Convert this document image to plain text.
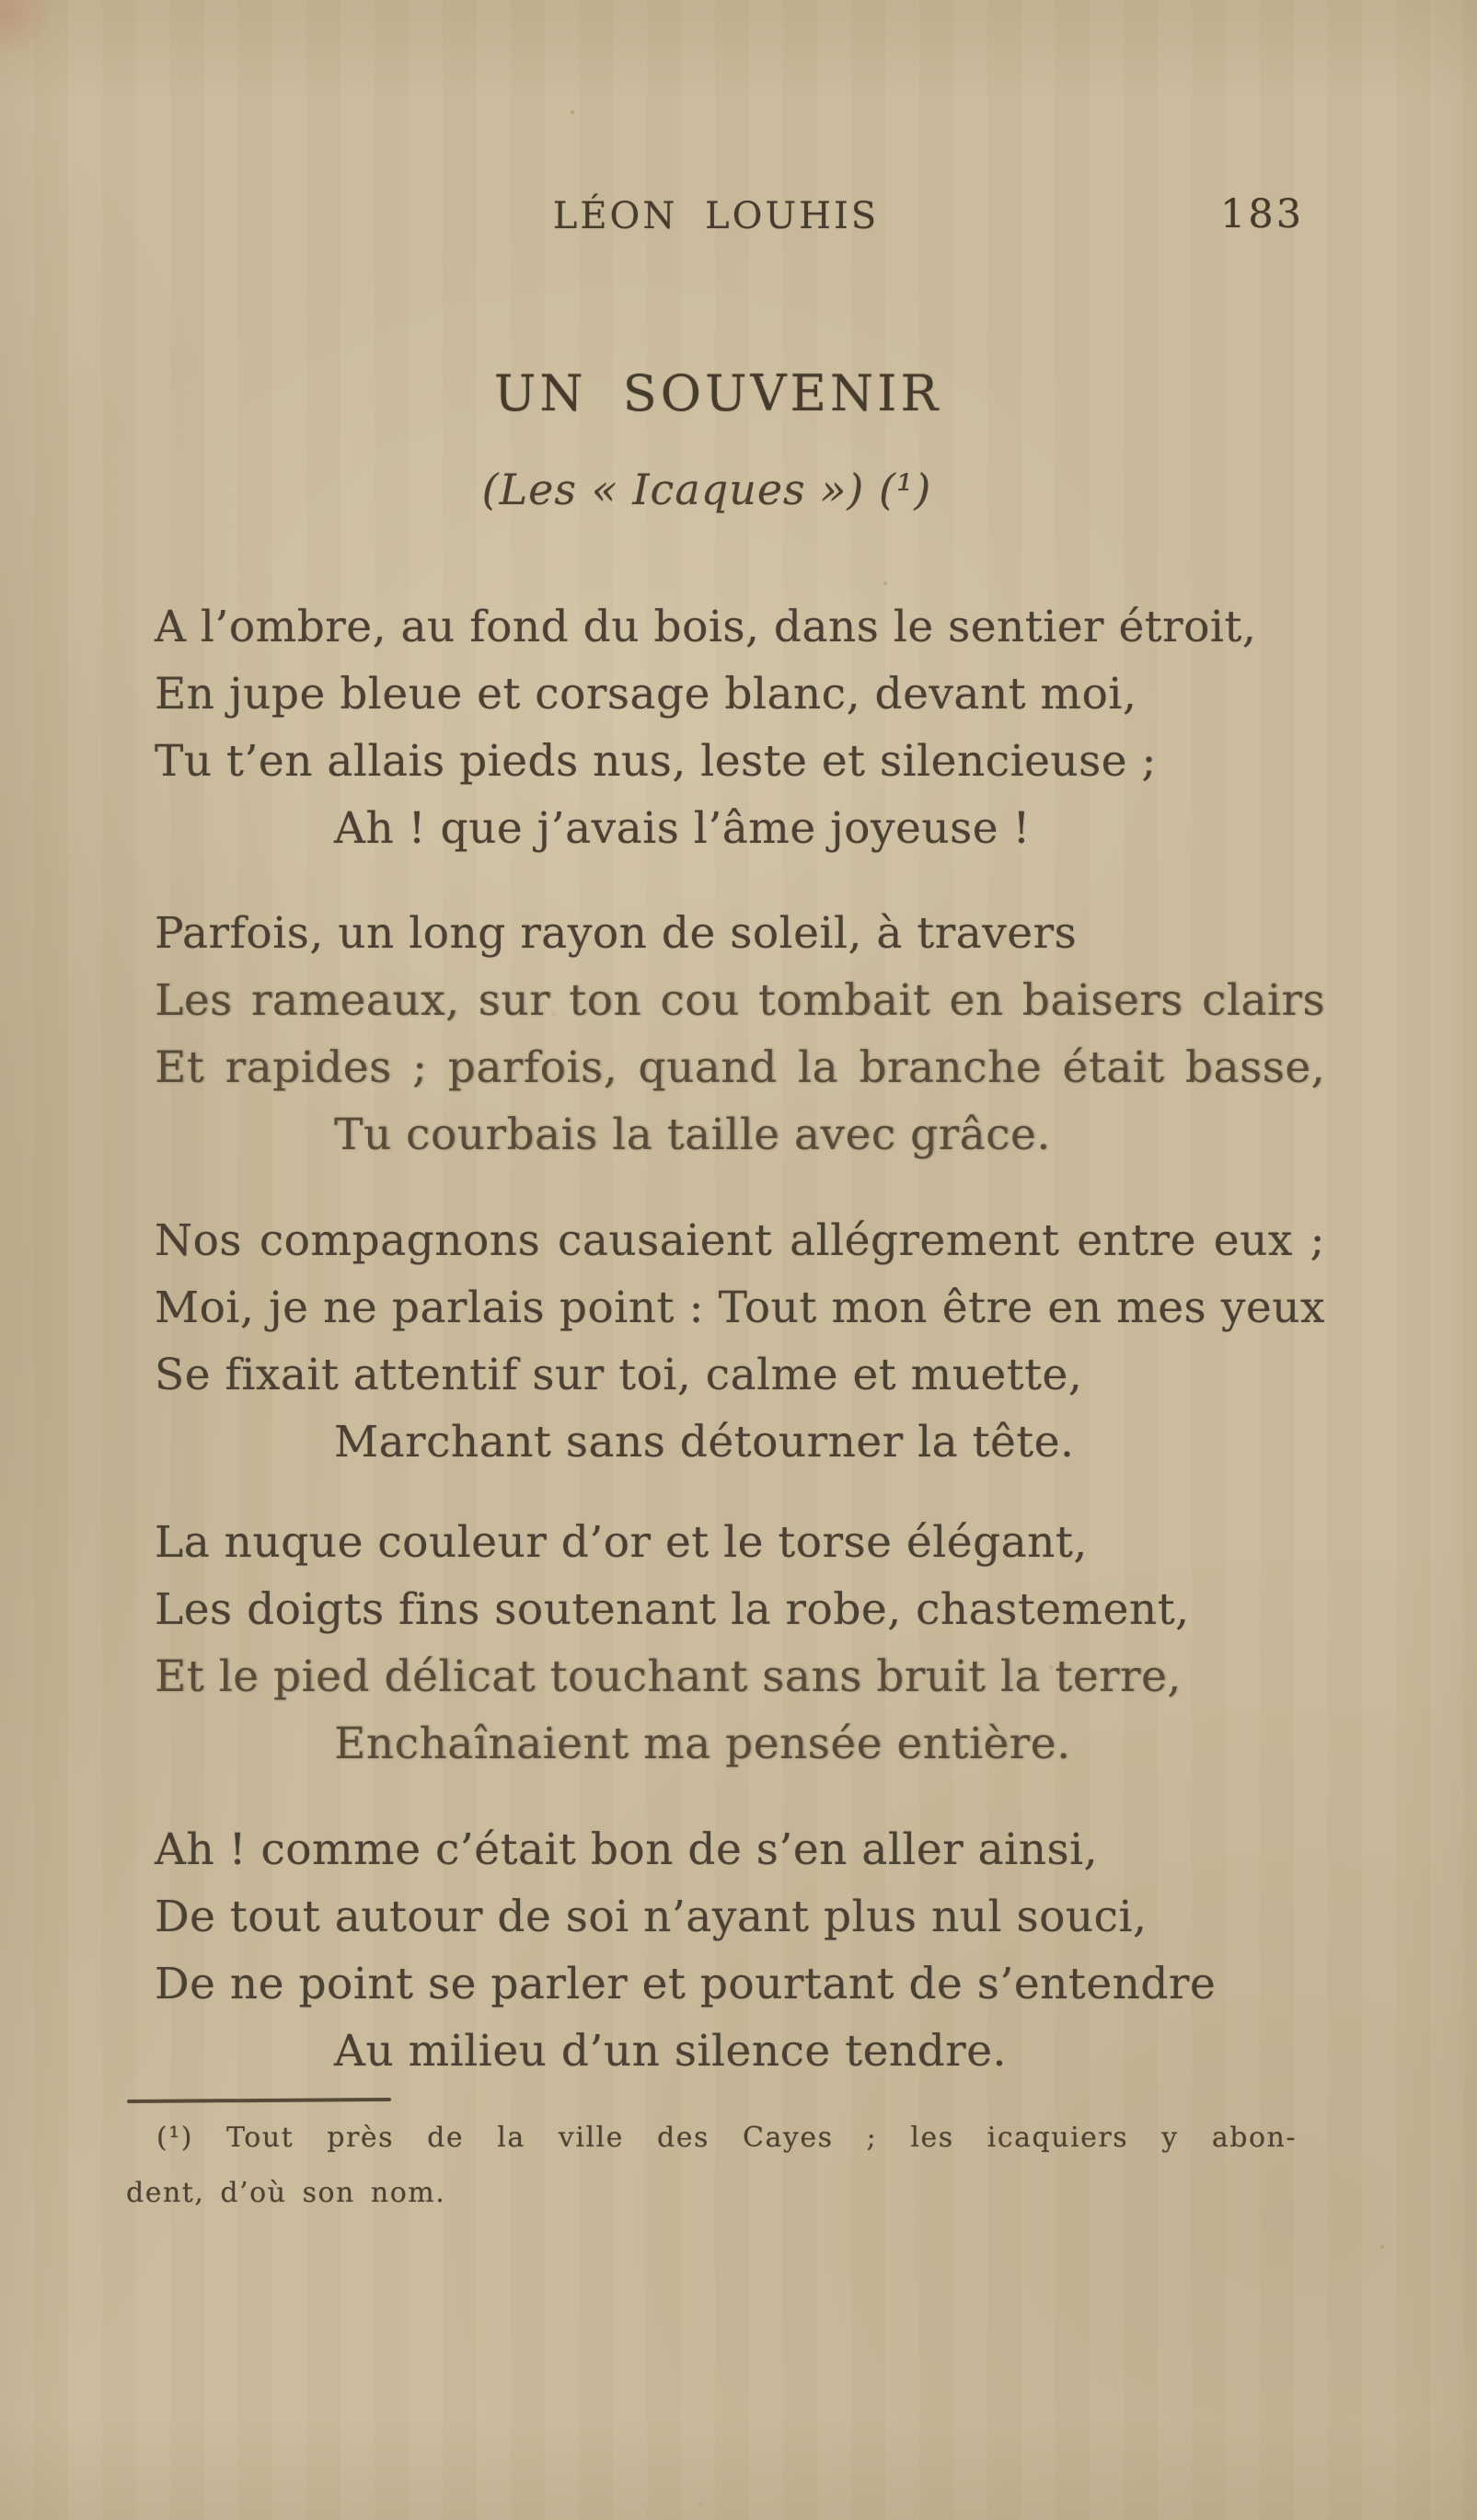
LÉON LOUHIS	183
UN SOUVENIR
(Les « Icaques ») (¹)
A l’ombre, au fond du bois, dans le sentier étroit,
En jupe bleue et corsage blanc, devant moi,
Tu t’en allais pieds nus, leste et silencieuse ;
Ah ! que j’avais l’âme joyeuse !
Parfois, un long rayon de soleil, à travers
Les rameaux, sur ton cou tombait en baisers clairs
Et rapides ; parfois, quand la branche était basse,
Tu courbais la taille avec grâce.
Nos compagnons causaient allégrement entre eux ;
Moi, je ne parlais point : Tout mon être en mes yeux
Se fixait attentif sur toi, calme et muette,
Marchant sans détourner la tête.
La nuque couleur d’or et le torse élégant,
Les doigts fins soutenant la robe, chastement,
Et le pied délicat touchant sans bruit la terre,
Enchaînaient ma pensée entière.
Ah ! comme c’était bon de s’en aller ainsi,
De tout autour de soi n’ayant plus nul souci,
De ne point se parler et pourtant de s’entendre
Au milieu d’un silence tendre.
(¹) Tout près de la ville des Cayes ; les icaquiers y abon-
dent, d’où son nom.
